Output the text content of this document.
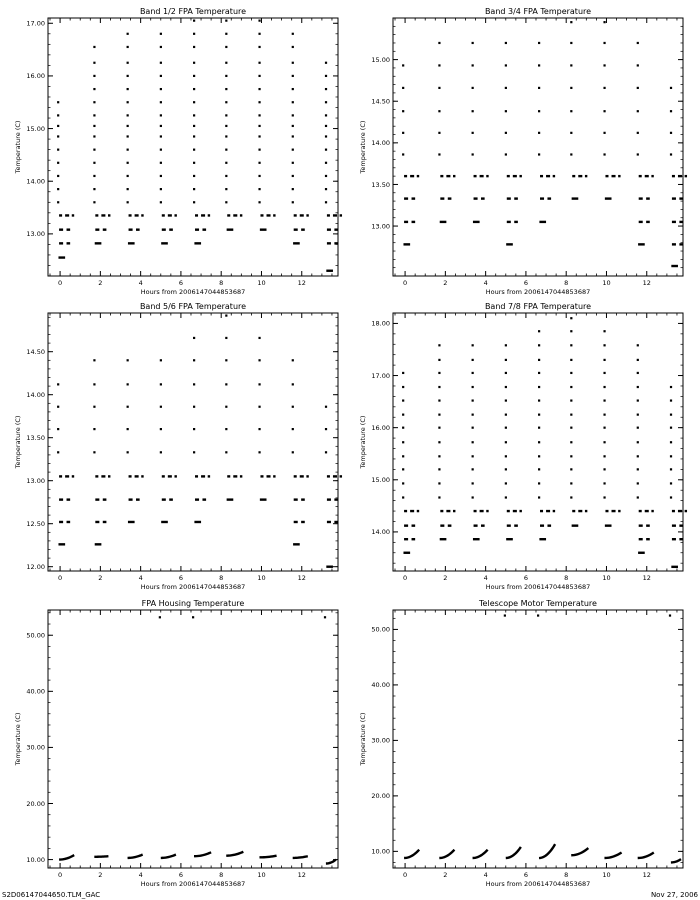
Band 1/2 FPA Temperature
Hours from 2006147044853687
Temperature (C)
0	2	4	6	8	10	12
13.00
14.00
15.00
16.00
17.00
Band 3/4 FPA Temperature
Hours from 2006147044853687
Temperature (C)
0	2	4	6	8	10	12
13.00
13.50
14.00
14.50
15.00
Band 5/6 FPA Temperature
Hours from 2006147044853687
Temperature (C)
0	2	4	6	8	10	12
12.00
12.50
13.00
13.50
14.00
14.50
Band 7/8 FPA Temperature
Hours from 2006147044853687
Temperature (C)
0	2	4	6	8	10	12
14.00
15.00
16.00
17.00
18.00
FPA Housing Temperature
Hours from 2006147044853687
Temperature (C)
0	2	4	6	8	10	12
10.00
20.00
30.00
40.00
50.00
Telescope Motor Temperature
Hours from 2006147044853687
Temperature (C)
0	2	4	6	8	10	12
10.00
20.00
30.00
40.00
50.00
S2D06147044650.TLM_GAC	Nov 27, 2006
